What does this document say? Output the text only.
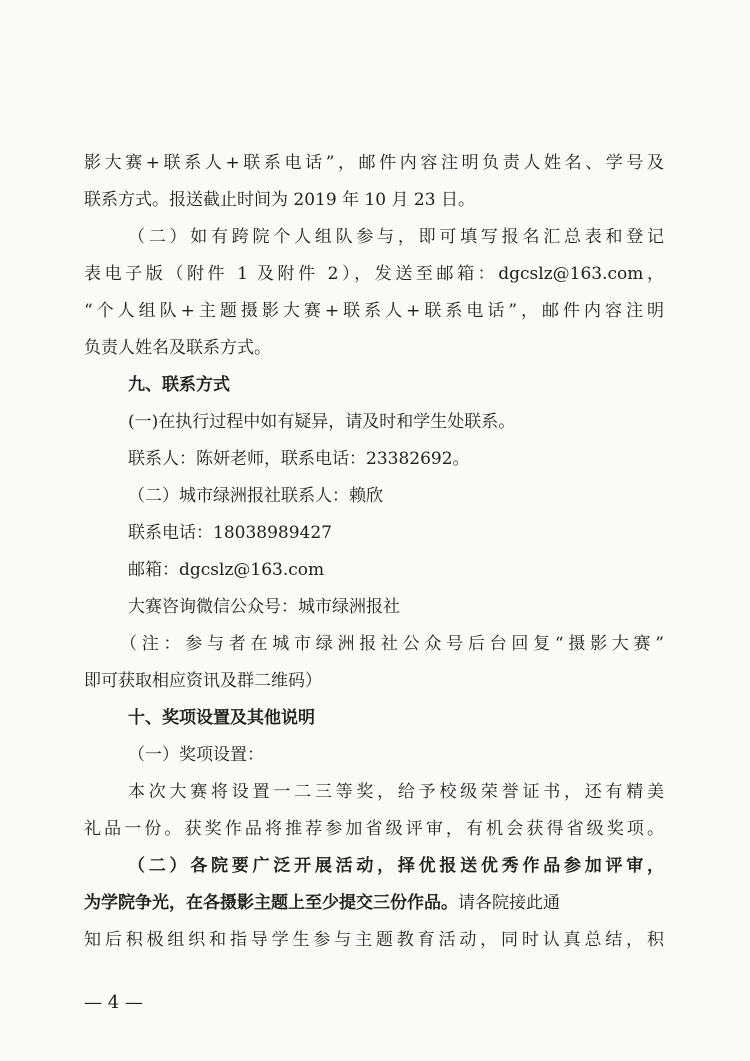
影大赛+联系人+联系电话”，邮件内容注明负责人姓名、学号及
联系方式。报送截止时间为 2019 年 10 月 23 日。
（二）如有跨院个人组队参与，即可填写报名汇总表和登记
表电子版（附件 1 及附件 2），发送至邮箱：dgcslz@163.com，
“个人组队+主题摄影大赛+联系人+联系电话”，邮件内容注明
负责人姓名及联系方式。
九、联系方式
(一)在执行过程中如有疑异，请及时和学生处联系。
联系人：陈妍老师，联系电话：23382692。
（二）城市绿洲报社联系人：赖欣
联系电话：18038989427
邮箱：dgcslz@163.com
大赛咨询微信公众号：城市绿洲报社
（注：参与者在城市绿洲报社公众号后台回复“摄影大赛”
即可获取相应资讯及群二维码）
十、奖项设置及其他说明
（一）奖项设置：
本次大赛将设置一二三等奖，给予校级荣誉证书，还有精美
礼品一份。获奖作品将推荐参加省级评审，有机会获得省级奖项。
（二）各院要广泛开展活动，择优报送优秀作品参加评审，
为学院争光，在各摄影主题上至少提交三份作品。请各院接此通
知后积极组织和指导学生参与主题教育活动，同时认真总结，积
— 4 —
